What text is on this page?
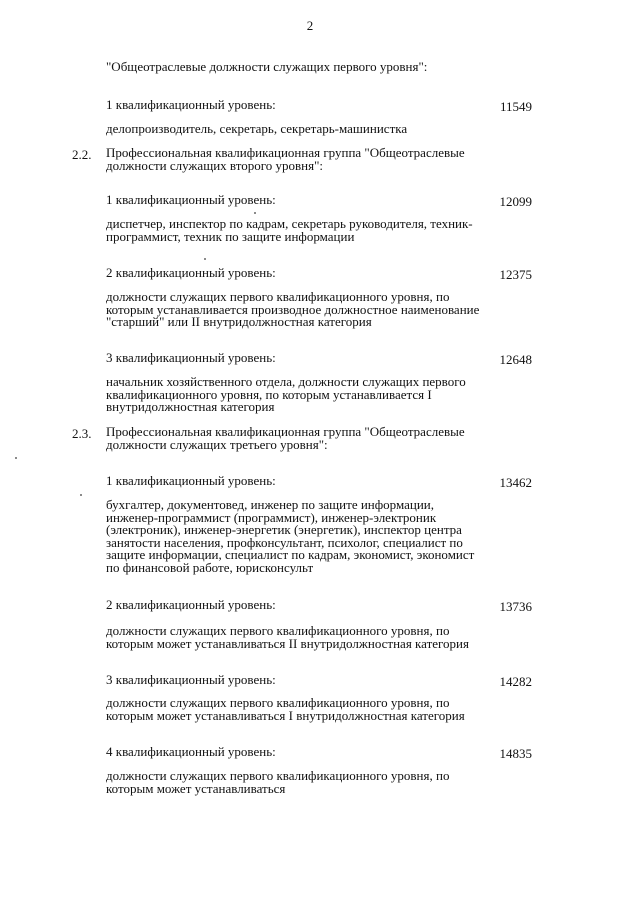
2
"Общеотраслевые должности служащих первого уровня":
1 квалификационный уровень:	11549
делопроизводитель, секретарь, секретарь-машинистка
2.2. Профессиональная квалификационная группа "Общеотраслевые должности служащих второго уровня":
1 квалификационный уровень:	12099
диспетчер, инспектор по кадрам, секретарь руководителя, техник-программист, техник по защите информации
2 квалификационный уровень:	12375
должности служащих первого квалификационного уровня, по которым устанавливается производное должностное наименование "старший" или II внутридолжностная категория
3 квалификационный уровень:	12648
начальник хозяйственного отдела, должности служащих первого квалификационного уровня, по которым устанавливается I внутридолжностная категория
2.3. Профессиональная квалификационная группа "Общеотраслевые должности служащих третьего уровня":
1 квалификационный уровень:	13462
бухгалтер, документовед, инженер по защите информации, инженер-программист (программист), инженер-электроник (электроник), инженер-энергетик (энергетик), инспектор центра занятости населения, профконсультант, психолог, специалист по защите информации, специалист по кадрам, экономист, экономист по финансовой работе, юрисконсульт
2 квалификационный уровень:	13736
должности служащих первого квалификационного уровня, по которым может устанавливаться II внутридолжностная категория
3 квалификационный уровень:	14282
должности служащих первого квалификационного уровня, по которым может устанавливаться I внутридолжностная категория
4 квалификационный уровень:	14835
должности служащих первого квалификационного уровня, по которым может устанавливаться
